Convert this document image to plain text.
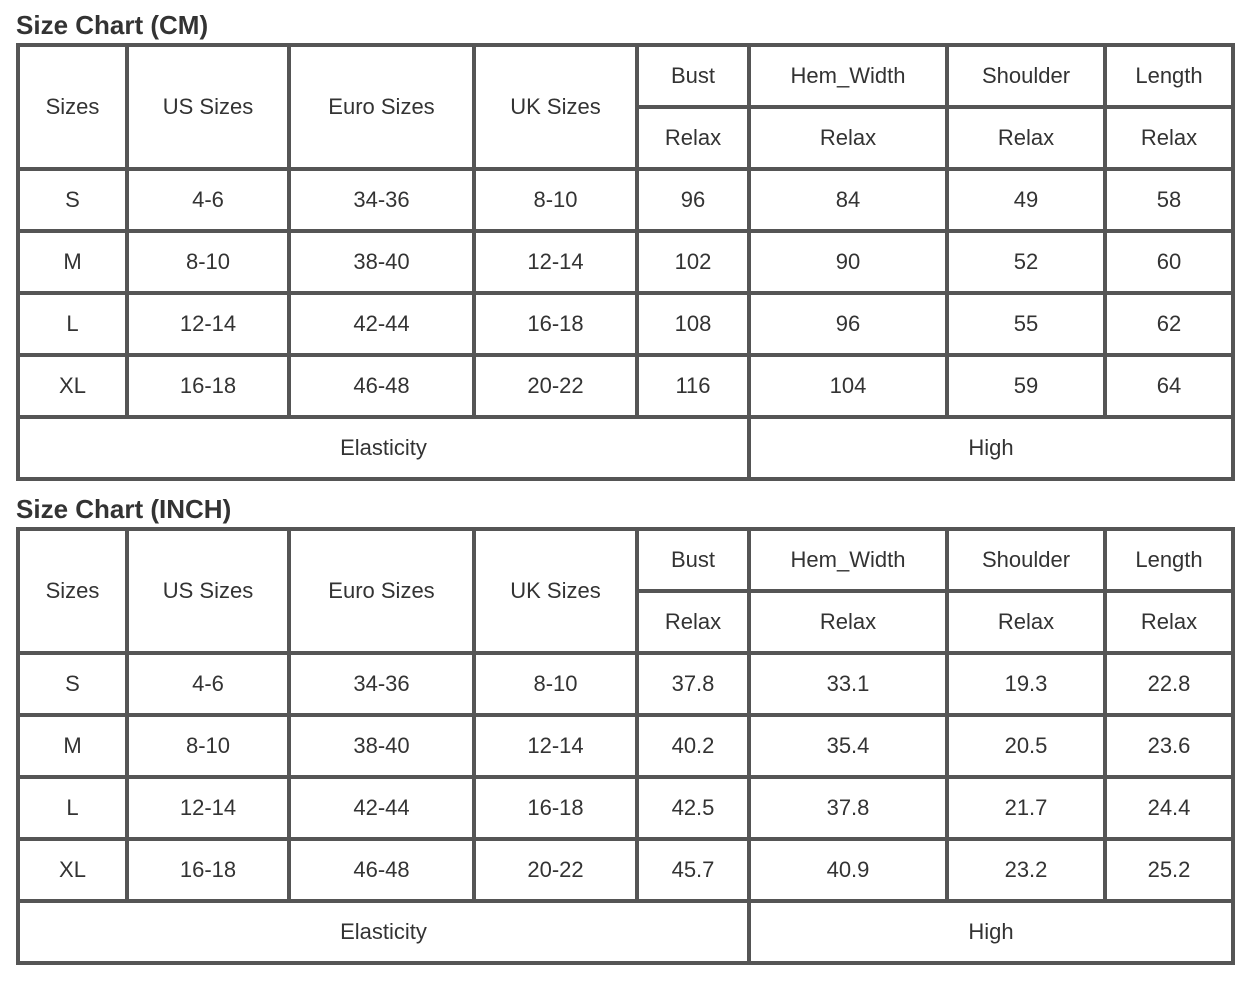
Size Chart (CM)
Sizes	US Sizes	Euro Sizes	UK Sizes	Bust	Hem_Width	Shoulder	Length
				Relax	Relax	Relax	Relax
S	4-6	34-36	8-10	96	84	49	58
M	8-10	38-40	12-14	102	90	52	60
L	12-14	42-44	16-18	108	96	55	62
XL	16-18	46-48	20-22	116	104	59	64
Elasticity					High		
Size Chart (INCH)
Sizes	US Sizes	Euro Sizes	UK Sizes	Bust	Hem_Width	Shoulder	Length
				Relax	Relax	Relax	Relax
S	4-6	34-36	8-10	37.8	33.1	19.3	22.8
M	8-10	38-40	12-14	40.2	35.4	20.5	23.6
L	12-14	42-44	16-18	42.5	37.8	21.7	24.4
XL	16-18	46-48	20-22	45.7	40.9	23.2	25.2
Elasticity					High		
